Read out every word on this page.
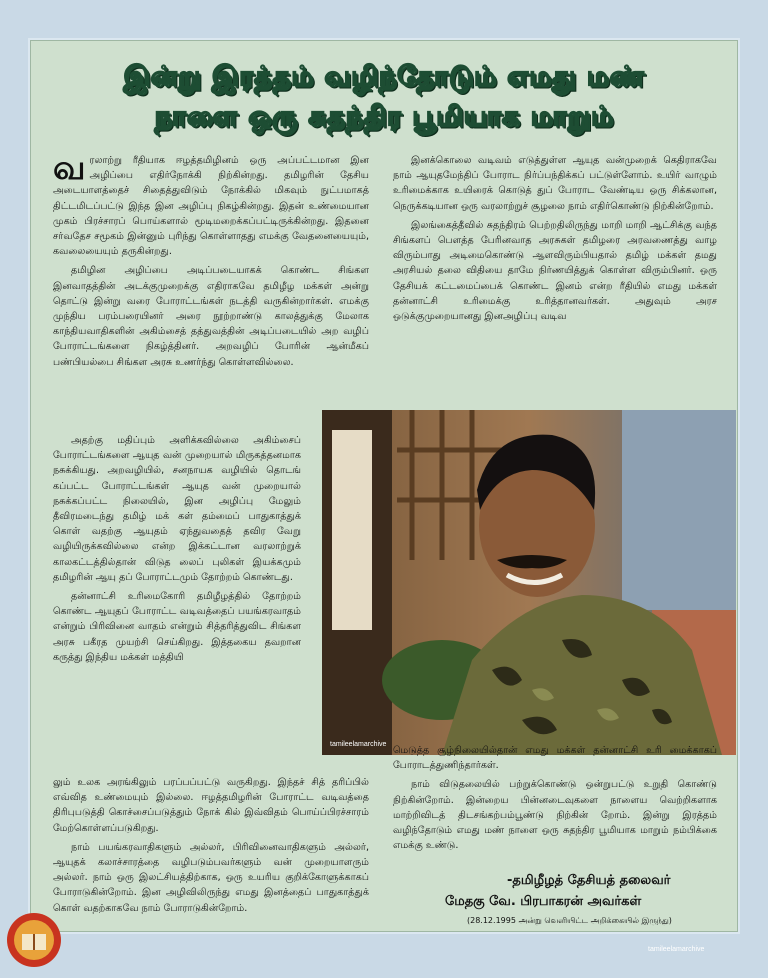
இன்று இரத்தம் வழிந்தோடும் எமது மண்
நாளை ஒரு சுதந்திர பூமியாக மாறும்

வரலாற்று ரீதியாக ஈழத்தமிழினம் ஒரு அப்பட்டமான இன அழிப்பை எதிர்நோக்கி நிற்கின்றது. தமிழரின் தேசிய அடையாளத்தைச் சிதைத்துவிடும் நோக்கில் மிகவும் நுட்பமாகத் திட்டமிடப்பட்டு இந்த இன அழிப்பு நிகழ்கின்றது. இதன் உண்மையான முகம் பிரச்சாரப் பொய்களால் மூடிமறைக்கப்பட்டிருக்கின்றது. இதனை சர்வதேச சமூகம் இன்னும் புரிந்து கொள்ளாதது எமக்கு வேதனையையும், கவலையையும் தருகின்றது.

தமிழின அழிப்பை அடிப்படையாகக் கொண்ட சிங்கள இனவாதத்தின் அடக்குமுறைக்கு எதிராகவே தமிழீழ மக்கள் அன்று தொட்டு இன்று வரை போராட்டங்கள் நடத்தி வருகின்றார்கள். எமக்கு முந்திய பரம்பரையினர் அரை நூற்றாண்டு காலத்துக்கு மேலாக காந்தியவாதிகளின் அகிம்சைத் தத்துவத்தின் அடிப்படையில் அற வழிப் போராட்டங்களை நிகழ்த்தினர். அறவழிப் போரின் ஆன்மீகப் பண்பியல்பை சிங்கள அரசு உணர்ந்து கொள்ளவில்லை.

அதற்கு மதிப்பும் அளிக்கவில்லை அகிம்சைப் போராட்டங்களை ஆயுத வன் முறையால் மிருகத்தனமாக நசுக்கியது. அறவழியில், சனநாயக வழியில் தொடங் கப்பட்ட போராட்டங்கள் ஆயுத வன் முறையால் நசுக்கப்பட்ட நிலையில், இன அழிப்பு மேலும் தீவிரமடைந்து தமிழ் மக் கள் தம்மைப் பாதுகாத்துக் கொள் வதற்கு ஆயுதம் ஏந்துவதைத் தவிர வேறு வழியிருக்கவில்லை என்ற இக்கட்டான வரலாற்றுக் காலகட்டத்தில்தான் விடுத லைப் புலிகள் இயக்கமும் தமிழரின் ஆயு தப் போராட்டமும் தோற்றம் கொண்டது.

தன்னாட்சி உரிமைகோரி தமிழீழத்தில் தோற்றம் கொண்ட ஆயுதப் போராட்ட வடிவத்தைப் பயங்கரவாதம் என்றும் பிரிவினை வாதம் என்றும் சித்தரித்துவிட சிங்கள அரசு பகீரத முயற்சி செய்கிறது. இத்தகைய தவறான கருத்து இந்திய மக்கள் மத்தியி

லும் உலக அரங்கிலும் பரப்பப்பட்டு வருகிறது. இந்தச் சித் தரிப்பில் எவ்வித உண்மையும் இல்லை. ஈழத்தமிழரின் போராட்ட வடிவத்தை திரிபுபடுத்தி கொச்சைப்படுத்தும் நோக் கில் இவ்விதம் பொய்ப்பிரச்சாரம் மேற்கொள்ளப்படுகிறது.

நாம் பயங்கரவாதிகளும் அல்லர், பிரிவினைவாதிகளும் அல்லர், ஆயுதக் கலாச்சாரத்தை வழிபடும்பவர்களும் வன் முறையாளரும் அல்லர். நாம் ஒரு இலட்சியத்திற்காக, ஒரு உயரிய குறிக்கோளுக்காகப் போராடுகின்றோம். இன அழிவிலிருந்து எமது இனத்தைப் பாதுகாத்துக் கொள் வதற்காகவே நாம் போராடுகின்றோம்.

இனக்கொலை வடிவம் எடுத்துள்ள ஆயுத வன்முறைக் கெதிராகவே நாம் ஆயுதமேந்திப் போராட நிர்ப்பந்திக்கப் பட்டுள்ளோம். உயிர் வாழும் உரிமைக்காக உயிரைக் கொடுத் துப் போராட வேண்டிய ஒரு சிக்கலான, நெருக்கடியான ஒரு வரலாற்றுச் சூழலை நாம் எதிர்கொண்டு நிற்கின்றோம்.

இலங்கைத்தீவில் சுதந்திரம் பெற்றதிலிருந்து மாறி மாறி ஆட்சிக்கு வந்த சிங்களப் பௌத்த பேரினவாத அரசுகள் தமிழரை அரவணைத்து வாழ விரும்பாது அடிமைகொண்டு ஆளவிரும்பியதால் தமிழ் மக்கள் தமது அரசியல் தலை விதியை தாமே நிர்ணயித்துக் கொள்ள விரும்பினர். ஒரு தேசியக் கட்டமைப்பைக் கொண்ட இனம் என்ற ரீதியில் எமது மக்கள் தன்னாட்சி உரிமைக்கு உரித்தானவர்கள். அதுவும் அரச ஒடுக்குமுறையானது இனஅழிப்பு வடிவ

tamileelamarchive

மெடுத்த சூழ்நிலையில்தான் எமது மக்கள் தன்னாட்சி உரி மைக்காகப் போராடத்துணிந்தார்கள்.

நாம் விடுதலையில் பற்றுக்கொண்டு ஒன்றுபட்டு உறுதி கொண்டு நிற்கின்றோம். இன்றைய பின்னடைவுகளை நாளைய வெற்றிகளாக மாற்றிவிடத் திடசங்கற்பம்பூண்டு நிற்கின் றோம். இன்று இரத்தம் வழிந்தோடும் எமது மண் நாளை ஒரு சுதந்திர பூமியாக மாறும் நம்பிக்கை எமக்கு உண்டு.

-தமிழீழத் தேசியத் தலைவர்
மேதகு வே. பிரபாகரன் அவர்கள்
(28.12.1995 அன்று வெளியிட்ட அறிக்கையில் இருந்து)
tamileelamarchive
